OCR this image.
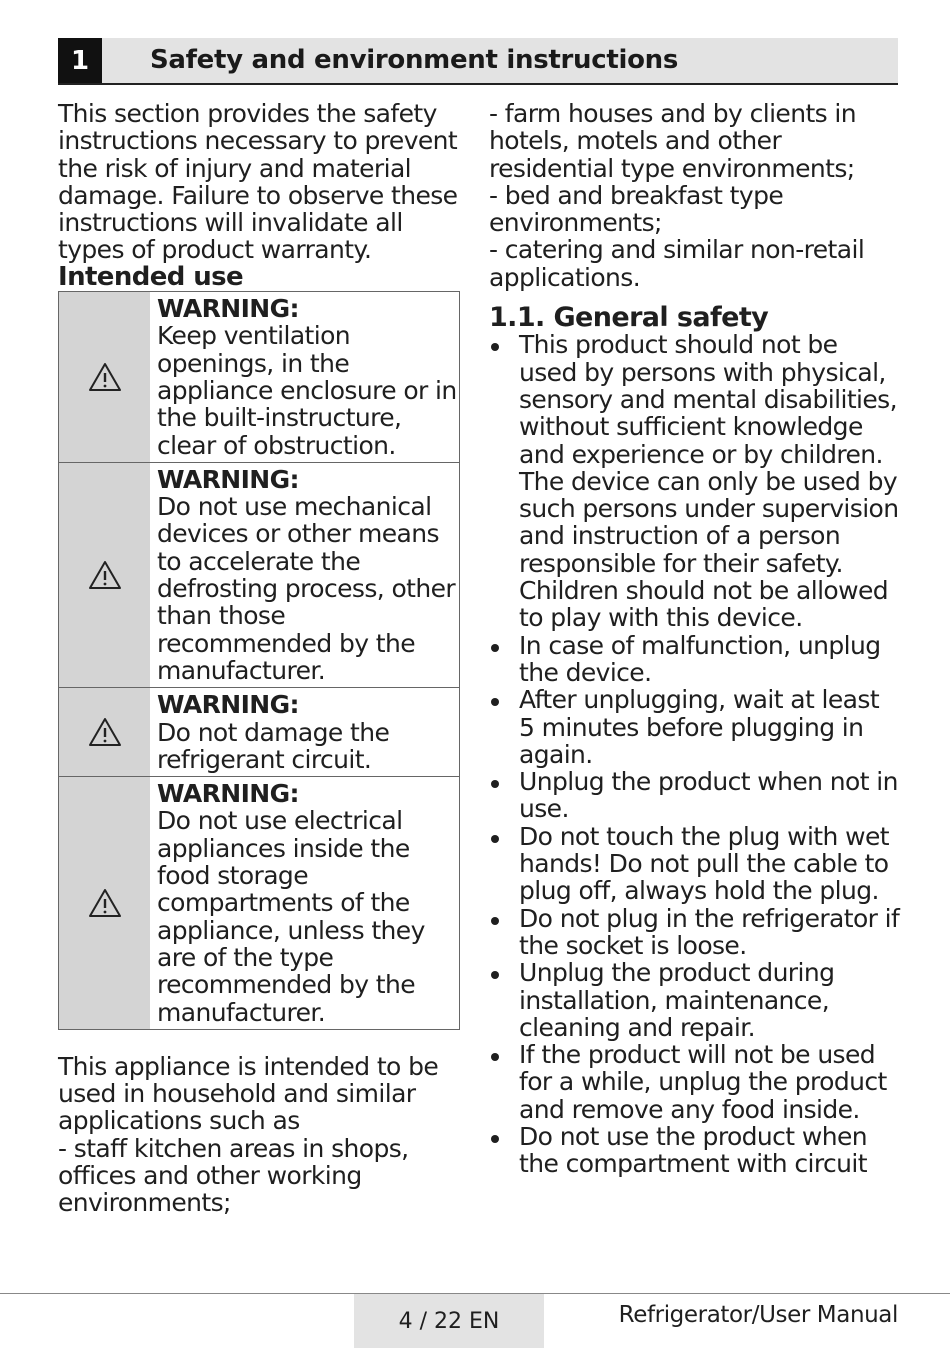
1	Safety and environment instructions

This section provides the safety instructions necessary to prevent the risk of injury and material damage. Failure to observe these instructions will invalidate all types of product warranty.

Intended use

WARNING:
Keep ventilation openings, in the appliance enclosure or in the built-instructure, clear of obstruction.
WARNING:
Do not use mechanical devices or other means to accelerate the defrosting process, other than those recommended by the manufacturer.
WARNING:
Do not damage the refrigerant circuit.
WARNING:
Do not use electrical appliances inside the food storage compartments of the appliance, unless they are of the type recommended by the manufacturer.

This appliance is intended to be used in household and similar applications such as

- staff kitchen areas in shops, offices and other working environments;

- farm houses and by clients in hotels, motels and other residential type environments;

- bed and breakfast type environments;

- catering and similar non-retail applications.

1.1. General safety

This product should not be used by persons with physical, sensory and mental disabilities, without sufficient knowledge and experience or by children. The device can only be used by such persons under supervision and instruction of a person responsible for their safety. Children should not be allowed to play with this device.
In case of malfunction, unplug the device.
After unplugging, wait at least 5 minutes before plugging in again.
Unplug the product when not in use.
Do not touch the plug with wet hands! Do not pull the cable to plug off, always hold the plug.
Do not plug in the refrigerator if the socket is loose.
Unplug the product during installation, maintenance, cleaning and repair.
If the product will not be used for a while, unplug the product and remove any food inside.
Do not use the product when the compartment with circuit
4 / 22 EN	Refrigerator/User Manual
